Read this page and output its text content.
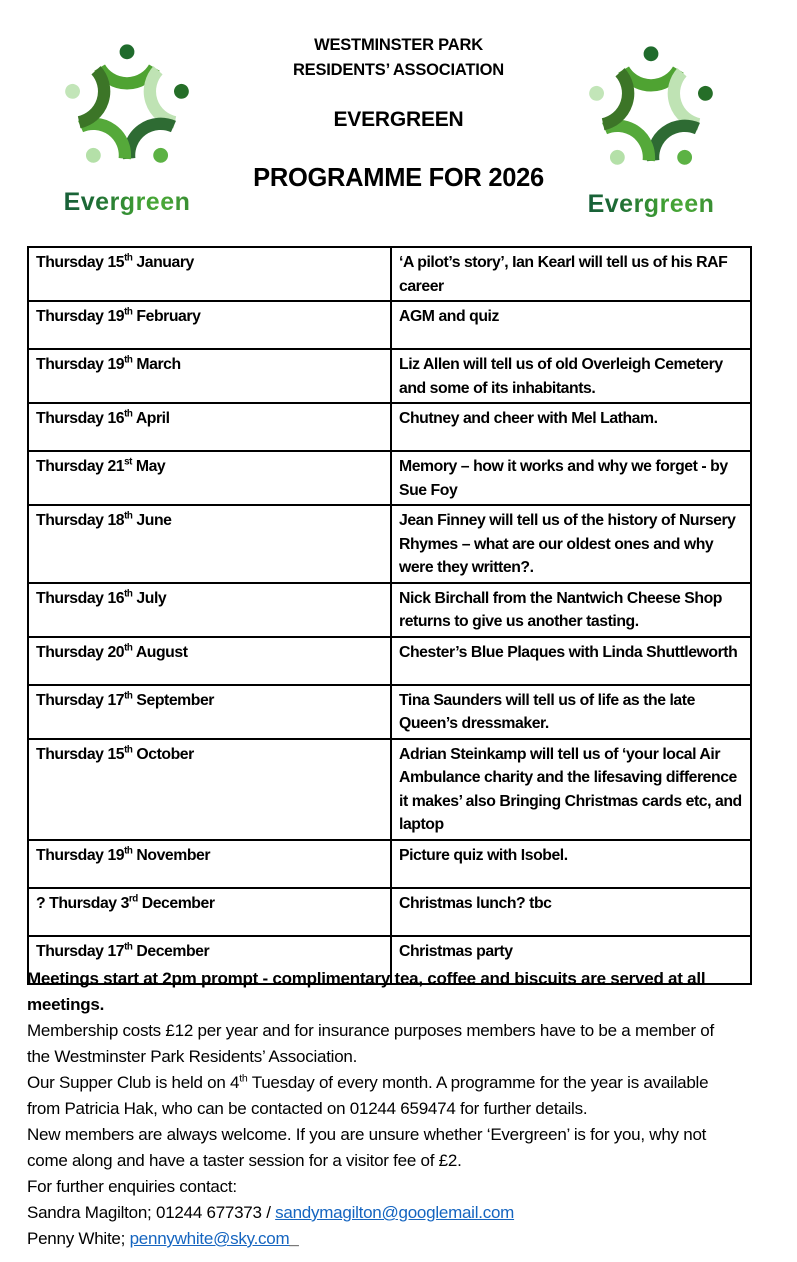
Evergreen	Evergreen
WESTMINSTER PARK
RESIDENTS’ ASSOCIATION
EVERGREEN
PROGRAMME FOR 2026
Thursday 15th January	‘A pilot’s story’, Ian Kearl will tell us of his RAF career
Thursday 19th February	AGM and quiz
Thursday 19th March	Liz Allen will tell us of old Overleigh Cemetery and some of its inhabitants.
Thursday 16th April	Chutney and cheer with Mel Latham.
Thursday 21st May	Memory – how it works and why we forget - by Sue Foy
Thursday 18th June	Jean Finney will tell us of the history of Nursery Rhymes – what are our oldest ones and why were they written?.
Thursday 16th July	Nick Birchall from the Nantwich Cheese Shop returns to give us another tasting.
Thursday 20th August	Chester’s Blue Plaques with Linda Shuttleworth
Thursday 17th September	Tina Saunders will tell us of life as the late Queen’s dressmaker.
Thursday 15th October	Adrian Steinkamp will tell us of ‘your local Air Ambulance charity and the lifesaving difference it makes’ also Bringing Christmas cards etc, and laptop
Thursday 19th November	Picture quiz with Isobel.
? Thursday 3rd December	Christmas lunch? tbc
Thursday 17th December	Christmas party

Meetings start at 2pm prompt - complimentary tea, coffee and biscuits are served at all meetings.

Membership costs £12 per year and for insurance purposes members have to be a member of the Westminster Park Residents’ Association.

Our Supper Club is held on 4th Tuesday of every month. A programme for the year is available from Patricia Hak, who can be contacted on 01244 659474 for further details.

New members are always welcome. If you are unsure whether ‘Evergreen’ is for you, why not come along and have a taster session for a visitor fee of £2.

For further enquiries contact:

Sandra Magilton; 01244 677373 / sandymagilton@googlemail.com

Penny White; pennywhite@sky.com_
